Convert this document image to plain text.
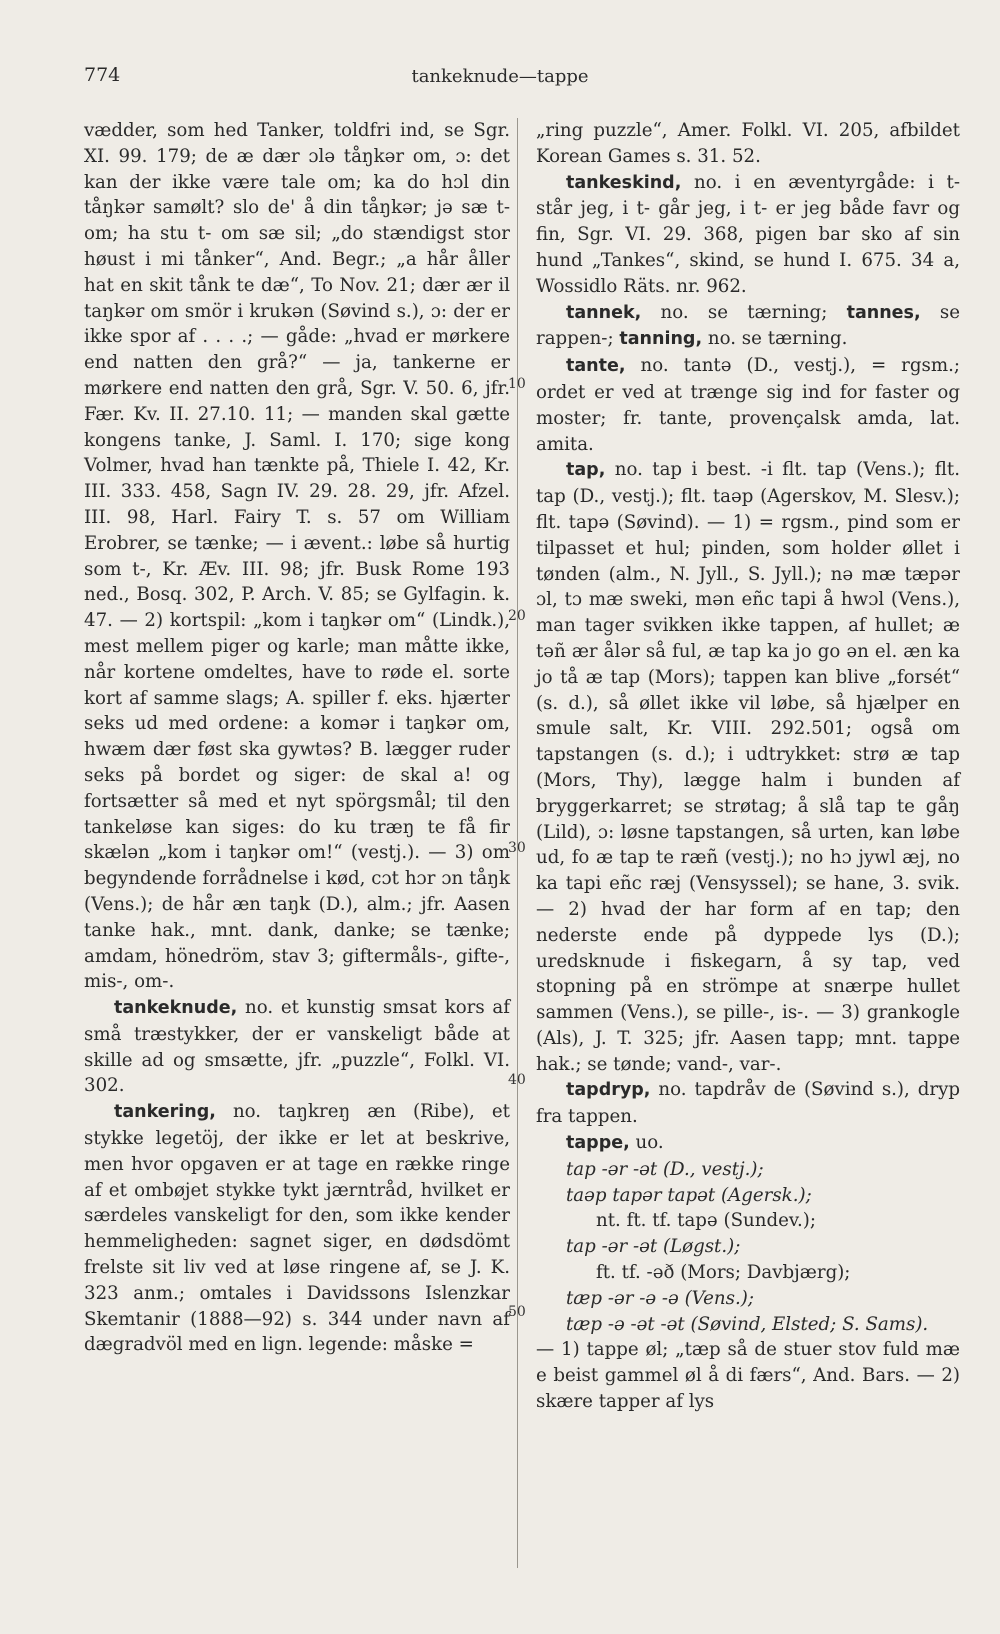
774	tankeknude—tappe
10
20
30
40
50

vædder, som hed Tanker, toldfri ind, se Sgr. XI. 99. 179; de æ dær ɔlə tåŋkər om, ɔ: det kan der ikke være tale om; ka do hɔl din tåŋkər samølt? slo de' å din tåŋkər; jə sæ t- om; ha stu t- om sæ sil; „do stændigst stor høust i mi tånker“, And. Begr.; „a hår åller hat en skit tånk te dæ“, To Nov. 21; dær ær il taŋkər om smör i krukən (Søvind s.), ɔ: der er ikke spor af . . . .; — gåde: „hvad er mørkere end natten den grå?“ — ja, tankerne er mørkere end natten den grå, Sgr. V. 50. 6, jfr. Fær. Kv. II. 27.10. 11; — manden skal gætte kongens tanke, J. Saml. I. 170; sige kong Volmer, hvad han tænkte på, Thiele I. 42, Kr. III. 333. 458, Sagn IV. 29. 28. 29, jfr. Afzel. III. 98, Harl. Fairy T. s. 57 om William Erobrer, se tænke; — i ævent.: løbe så hurtig som t-, Kr. Æv. III. 98; jfr. Busk Rome 193 ned., Bosq. 302, P. Arch. V. 85; se Gylfagin. k. 47. — 2) kortspil: „kom i taŋkər om“ (Lindk.), mest mellem piger og karle; man måtte ikke, når kortene omdeltes, have to røde el. sorte kort af samme slags; A. spiller f. eks. hjærter seks ud med ordene: a komər i taŋkər om, hwæm dær føst ska gywtəs? B. lægger ruder seks på bordet og siger: de skal a! og fortsætter så med et nyt spörgsmål; til den tankeløse kan siges: do ku træŋ te få fir skælən „kom i taŋkər om!“ (vestj.). — 3) om begyndende forrådnelse i kød, cɔt hɔr ɔn tåŋk (Vens.); de hår æn taŋk (D.), alm.; jfr. Aasen tanke hak., mnt. dank, danke; se tænke; amdam, hönedröm, stav 3; giftermåls-, gifte-, mis-, om-.

tankeknude, no. et kunstig smsat kors af små træstykker, der er vanskeligt både at skille ad og smsætte, jfr. „puzzle“, Folkl. VI. 302.

tankering, no. taŋkreŋ æn (Ribe), et stykke legetöj, der ikke er let at beskrive, men hvor opgaven er at tage en række ringe af et ombøjet stykke tykt jærntråd, hvilket er særdeles vanskeligt for den, som ikke kender hemmeligheden: sagnet siger, en dødsdömt frelste sit liv ved at løse ringene af, se J. K. 323 anm.; omtales i Davidssons Islenzkar Skemtanir (1888—92) s. 344 under navn af dægradvöl med en lign. legende: måske =

„ring puzzle“, Amer. Folkl. VI. 205, afbildet Korean Games s. 31. 52.

tankeskind, no. i en æventyrgåde: i t- står jeg, i t- går jeg, i t- er jeg både favr og fin, Sgr. VI. 29. 368, pigen bar sko af sin hund „Tankes“, skind, se hund I. 675. 34 a, Wossidlo Räts. nr. 962.

tannek, no. se tærning; tannes, se rappen-; tanning, no. se tærning.

tante, no. tantə (D., vestj.), = rgsm.; ordet er ved at trænge sig ind for faster og moster; fr. tante, provençalsk amda, lat. amita.

tap, no. tap i best. -i flt. tap (Vens.); flt. tap (D., vestj.); flt. taəp (Agerskov, M. Slesv.); flt. tapə (Søvind). — 1) = rgsm., pind som er tilpasset et hul; pinden, som holder øllet i tønden (alm., N. Jyll., S. Jyll.); nə mæ tæpər ɔl, tɔ mæ sweki, mən eñc tapi å hwɔl (Vens.), man tager svikken ikke tappen, af hullet; æ təñ ær ålər så ful, æ tap ka jo go ən el. æn ka jo tå æ tap (Mors); tappen kan blive „forsét“ (s. d.), så øllet ikke vil løbe, så hjælper en smule salt, Kr. VIII. 292.501; også om tapstangen (s. d.); i udtrykket: strø æ tap (Mors, Thy), lægge halm i bunden af bryggerkarret; se strøtag; å slå tap te gåŋ (Lild), ɔ: løsne tapstangen, så urten, kan løbe ud, fo æ tap te ræñ (vestj.); no hɔ jywl æj, no ka tapi eñc ræj (Vensyssel); se hane, 3. svik. — 2) hvad der har form af en tap; den nederste ende på dyppede lys (D.); uredsknude i fiskegarn, å sy tap, ved stopning på en strömpe at snærpe hullet sammen (Vens.), se pille-, is-. — 3) grankogle (Als), J. T. 325; jfr. Aasen tapp; mnt. tappe hak.; se tønde; vand-, var-.

tapdryp, no. tapdråv de (Søvind s.), dryp fra tappen.

tappe, uo.

tap -ər -ət (D., vestj.);
taəp tapər tapət (Agersk.);
nt. ft. tf. tapə (Sundev.);
tap -ər -ət (Løgst.);
ft. tf. -əð (Mors; Davbjærg);
tæp -ər -ə -ə (Vens.);
tæp -ə -ət -ət (Søvind, Elsted; S. Sams).

— 1) tappe øl; „tæp så de stuer stov fuld mæ e beist gammel øl å di færs“, And. Bars. — 2) skære tapper af lys
